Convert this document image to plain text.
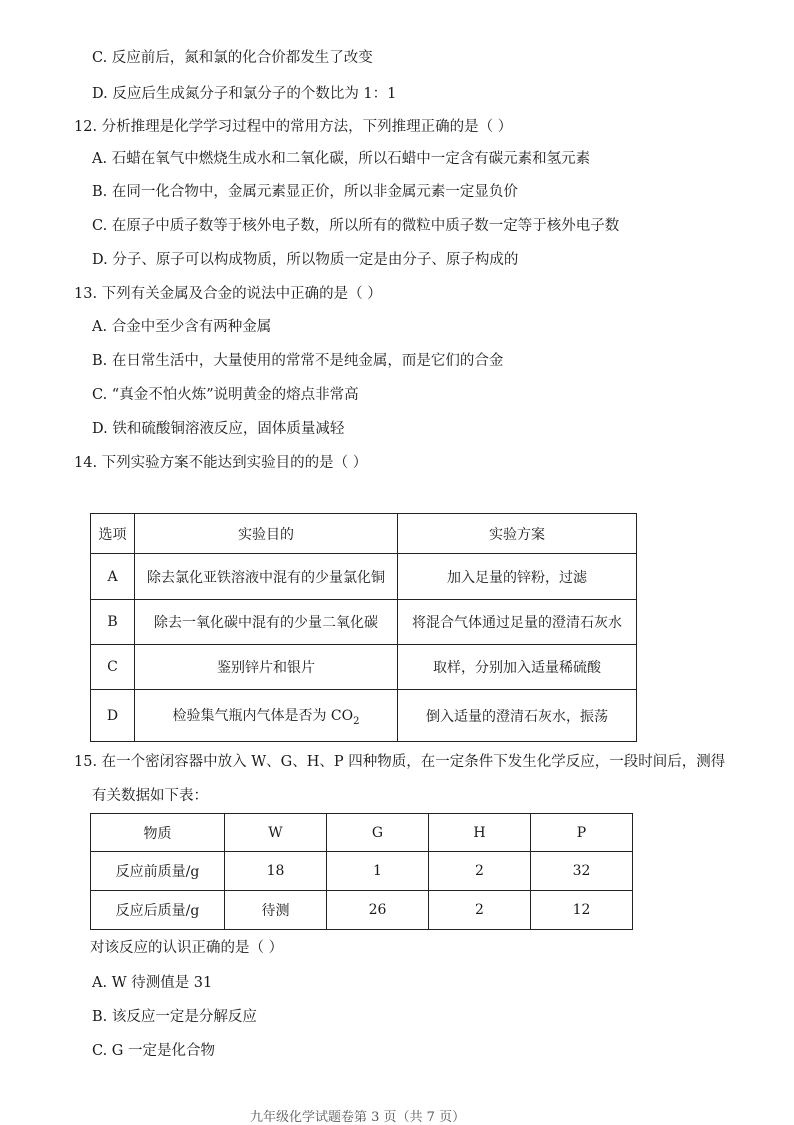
C. 反应前后，氮和氯的化合价都发生了改变
D. 反应后生成氮分子和氯分子的个数比为 1：1
12. 分析推理是化学学习过程中的常用方法，下列推理正确的是（ ）
A. 石蜡在氧气中燃烧生成水和二氧化碳，所以石蜡中一定含有碳元素和氢元素
B. 在同一化合物中，金属元素显正价，所以非金属元素一定显负价
C. 在原子中质子数等于核外电子数，所以所有的微粒中质子数一定等于核外电子数
D. 分子、原子可以构成物质，所以物质一定是由分子、原子构成的
13. 下列有关金属及合金的说法中正确的是（ ）
A. 合金中至少含有两种金属
B. 在日常生活中，大量使用的常常不是纯金属，而是它们的合金
C. “真金不怕火炼”说明黄金的熔点非常高
D. 铁和硫酸铜溶液反应，固体质量减轻
14. 下列实验方案不能达到实验目的的是（ ）
选项	实验目的	实验方案
A	除去氯化亚铁溶液中混有的少量氯化铜	加入足量的锌粉，过滤
B	除去一氧化碳中混有的少量二氧化碳	将混合气体通过足量的澄清石灰水
C	鉴别锌片和银片	取样，分别加入适量稀硫酸
D	检验集气瓶内气体是否为 $CO_2$	倒入适量的澄清石灰水，振荡
15. 在一个密闭容器中放入 W、G、H、P 四种物质，在一定条件下发生化学反应，一段时间后，测得
有关数据如下表：
物质	W	G	H	P
反应前质量/g	18	1	2	32
反应后质量/g	待测	26	2	12
对该反应的认识正确的是（ ）
A. W 待测值是 31
B. 该反应一定是分解反应
C. G 一定是化合物
九年级化学试题卷第 3 页（共 7 页）
